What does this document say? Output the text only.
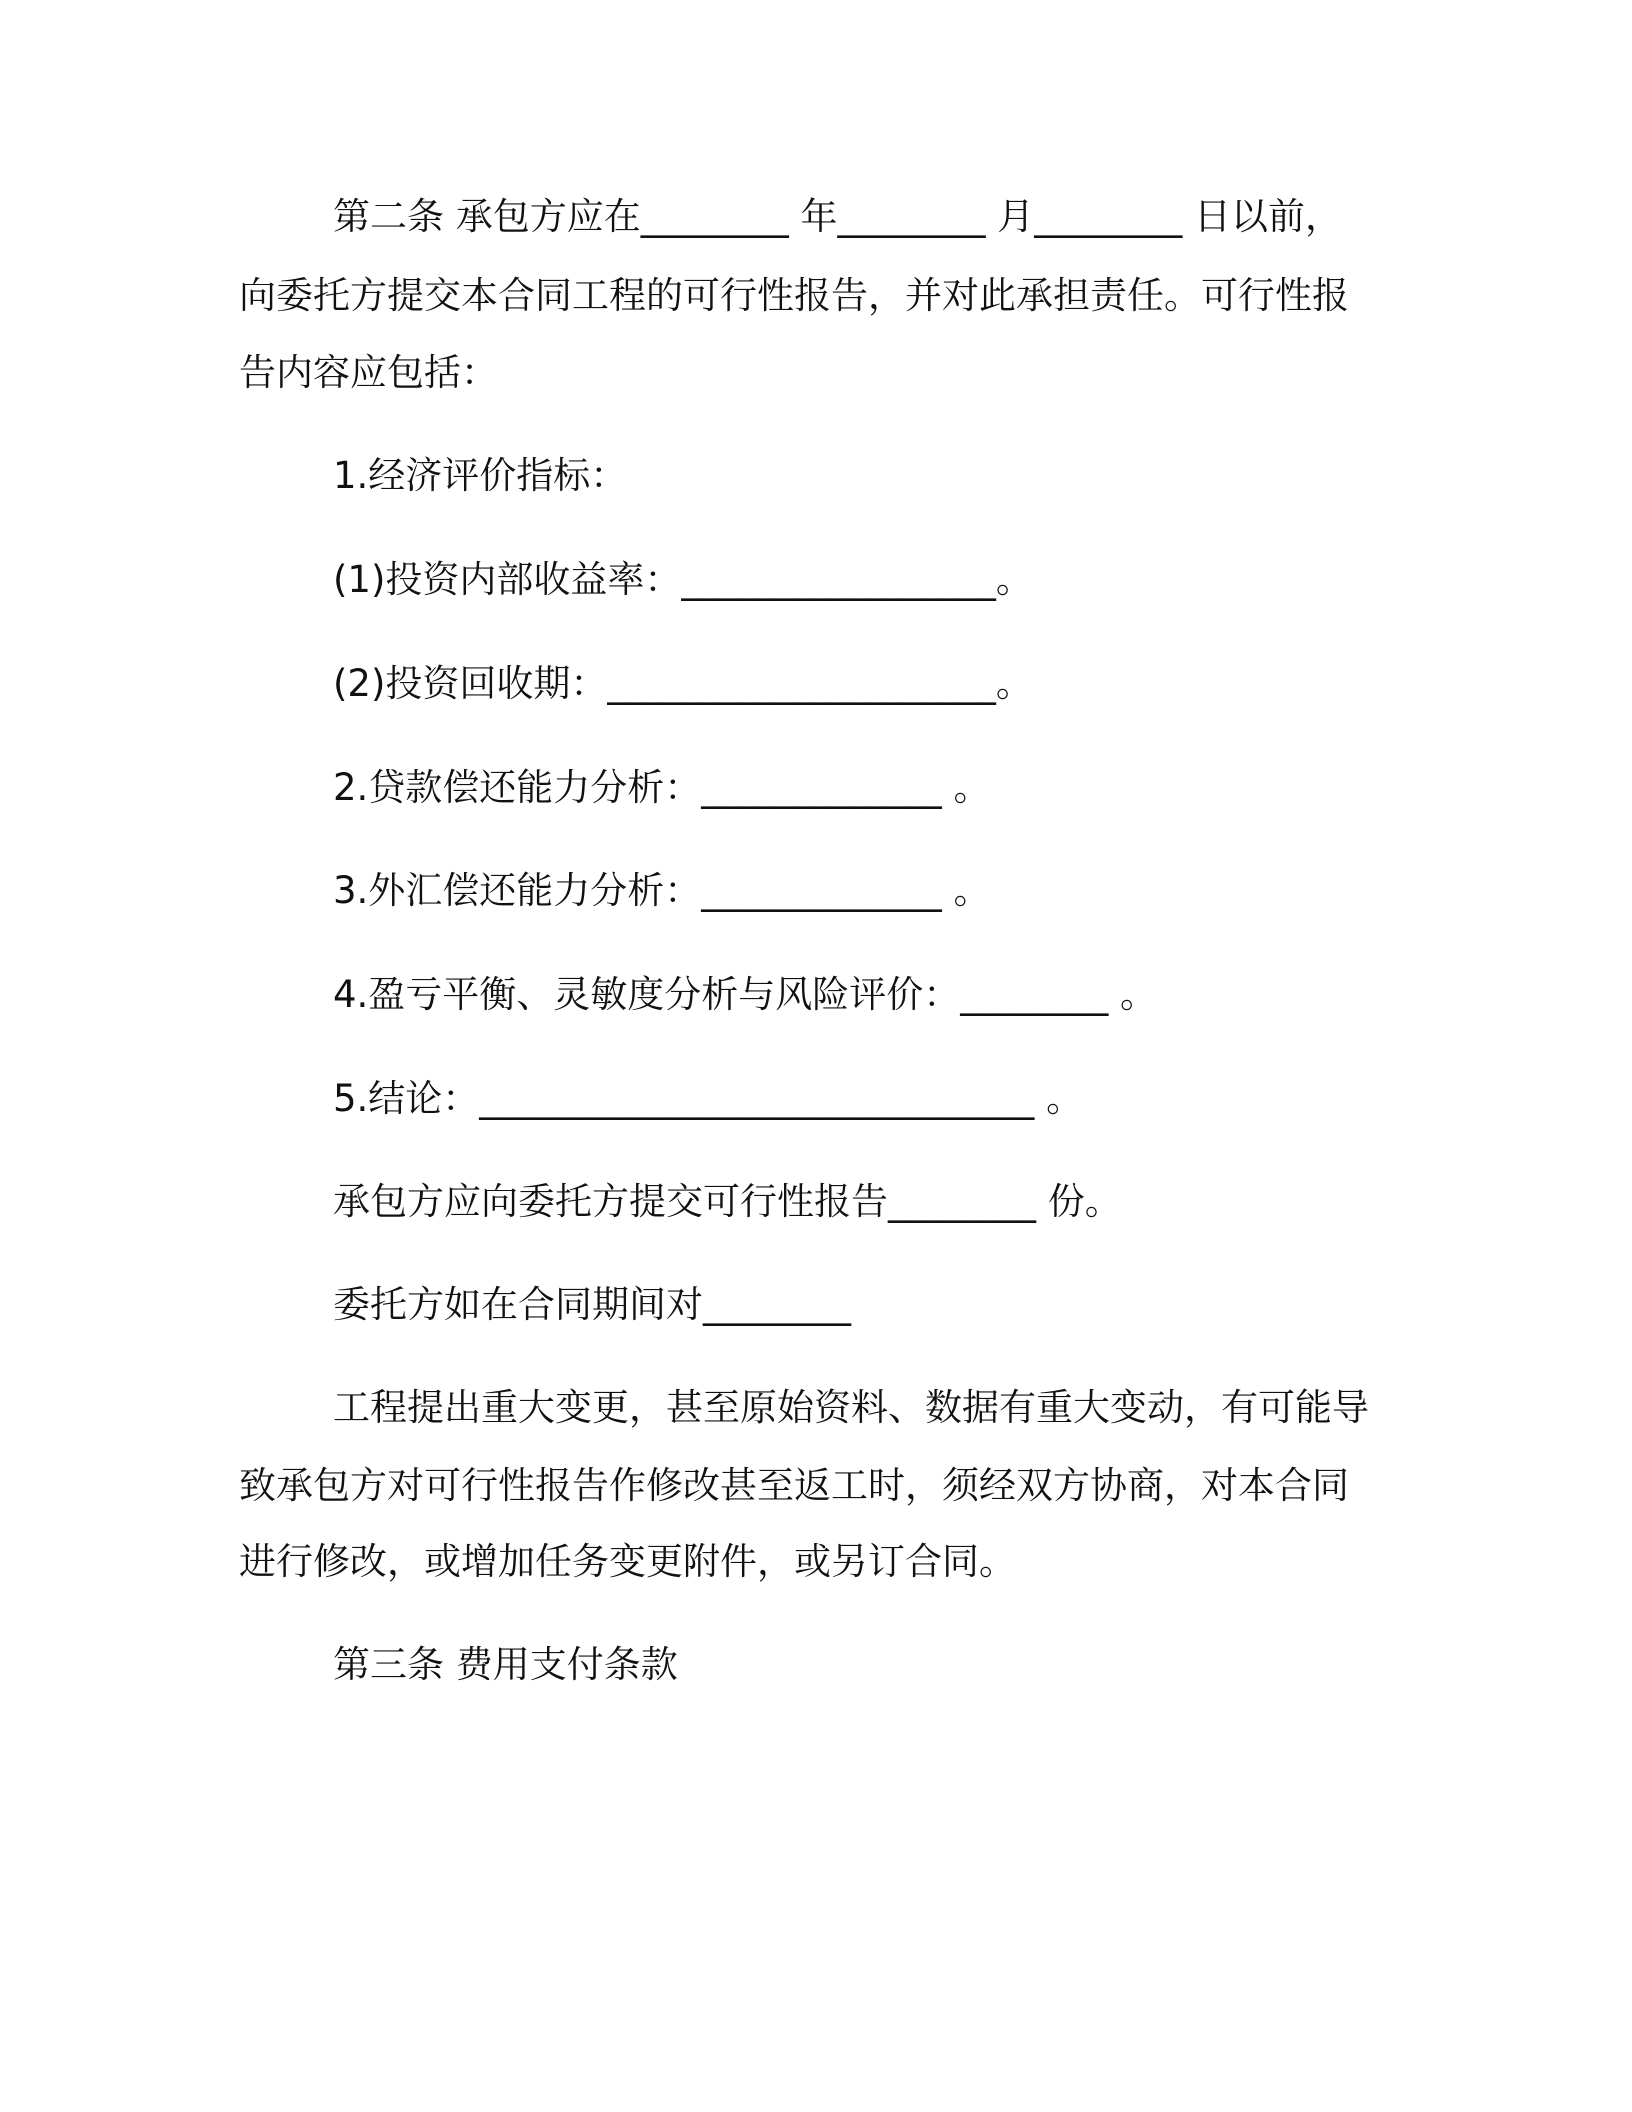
第二条 承包方应在________ 年________ 月________ 日以前，
向委托方提交本合同工程的可行性报告，并对此承担责任。可行性报
告内容应包括：
1.经济评价指标：
(1)投资内部收益率：_________________。
(2)投资回收期：_____________________。
2.贷款偿还能力分析：_____________ 。
3.外汇偿还能力分析：_____________ 。
4.盈亏平衡、灵敏度分析与风险评价：________ 。
5.结论：______________________________ 。
承包方应向委托方提交可行性报告________ 份。
委托方如在合同期间对________
工程提出重大变更，甚至原始资料、数据有重大变动，有可能导
致承包方对可行性报告作修改甚至返工时，须经双方协商，对本合同
进行修改，或增加任务变更附件，或另订合同。
第三条 费用支付条款
